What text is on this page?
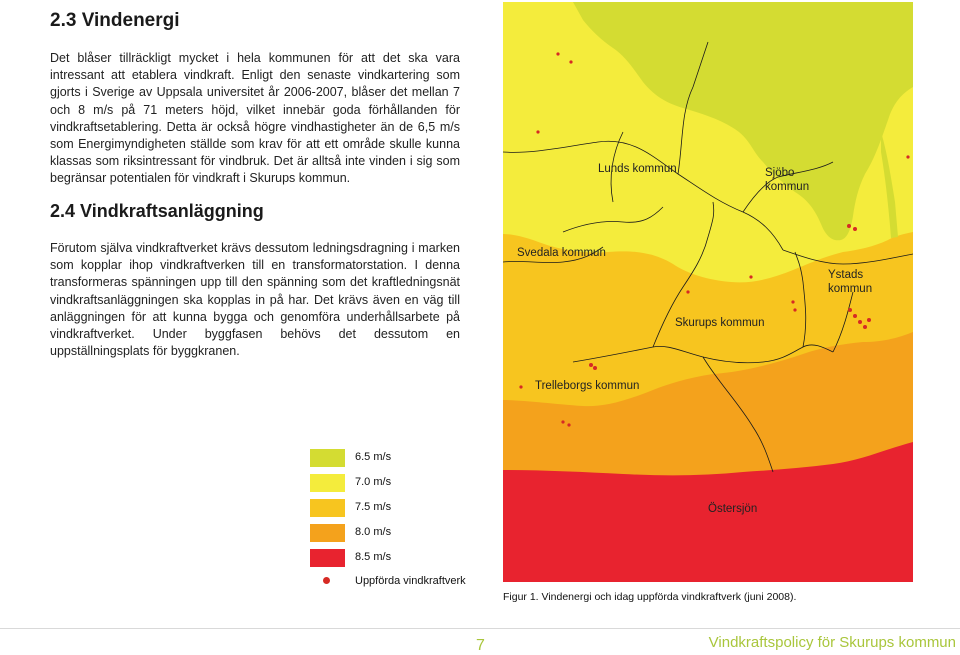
2.3 Vindenergi

Det blåser tillräckligt mycket i hela kommunen för att det ska vara intressant att etablera vindkraft. Enligt den senaste vindkartering som gjorts i Sverige av Uppsala universitet år 2006-2007, blåser det mellan 7 och 8 m/s på 71 meters höjd, vilket innebär goda förhållanden för vindkraftsetablering. Detta är också högre vindhastigheter än de 6,5 m/s som Energimyndigheten ställde som krav för att ett område skulle kunna klassas som riksintressant för vindbruk. Det är alltså inte vinden i sig som begränsar potentialen för vindkraft i Skurups kommun.

2.4 Vindkraftsanläggning

Förutom själva vindkraftverket krävs dessutom ledningsdragning i marken som kopplar ihop vindkraftverken till en transformatorstation. I denna transformeras spänningen upp till den spänning som det kraftledningsnät vindkraftsanläggningen ska kopplas in på har. Det krävs även en väg till anläggningen för att kunna bygga och genomföra underhållsarbete på vindkraftverket. Under byggfasen behövs det dessutom en uppställningsplats för byggkranen.

Lunds kommun	Sjöbo
kommun
Svedala kommun
Ystads
kommun
Skurups kommun
Trelleborgs kommun
Östersjön
6.5 m/s
7.0 m/s
7.5 m/s
8.0 m/s
8.5 m/s
Uppförda vindkraftverk
Figur 1. Vindenergi och idag uppförda vindkraftverk (juni 2008).
7	Vindkraftspolicy för Skurups kommun
